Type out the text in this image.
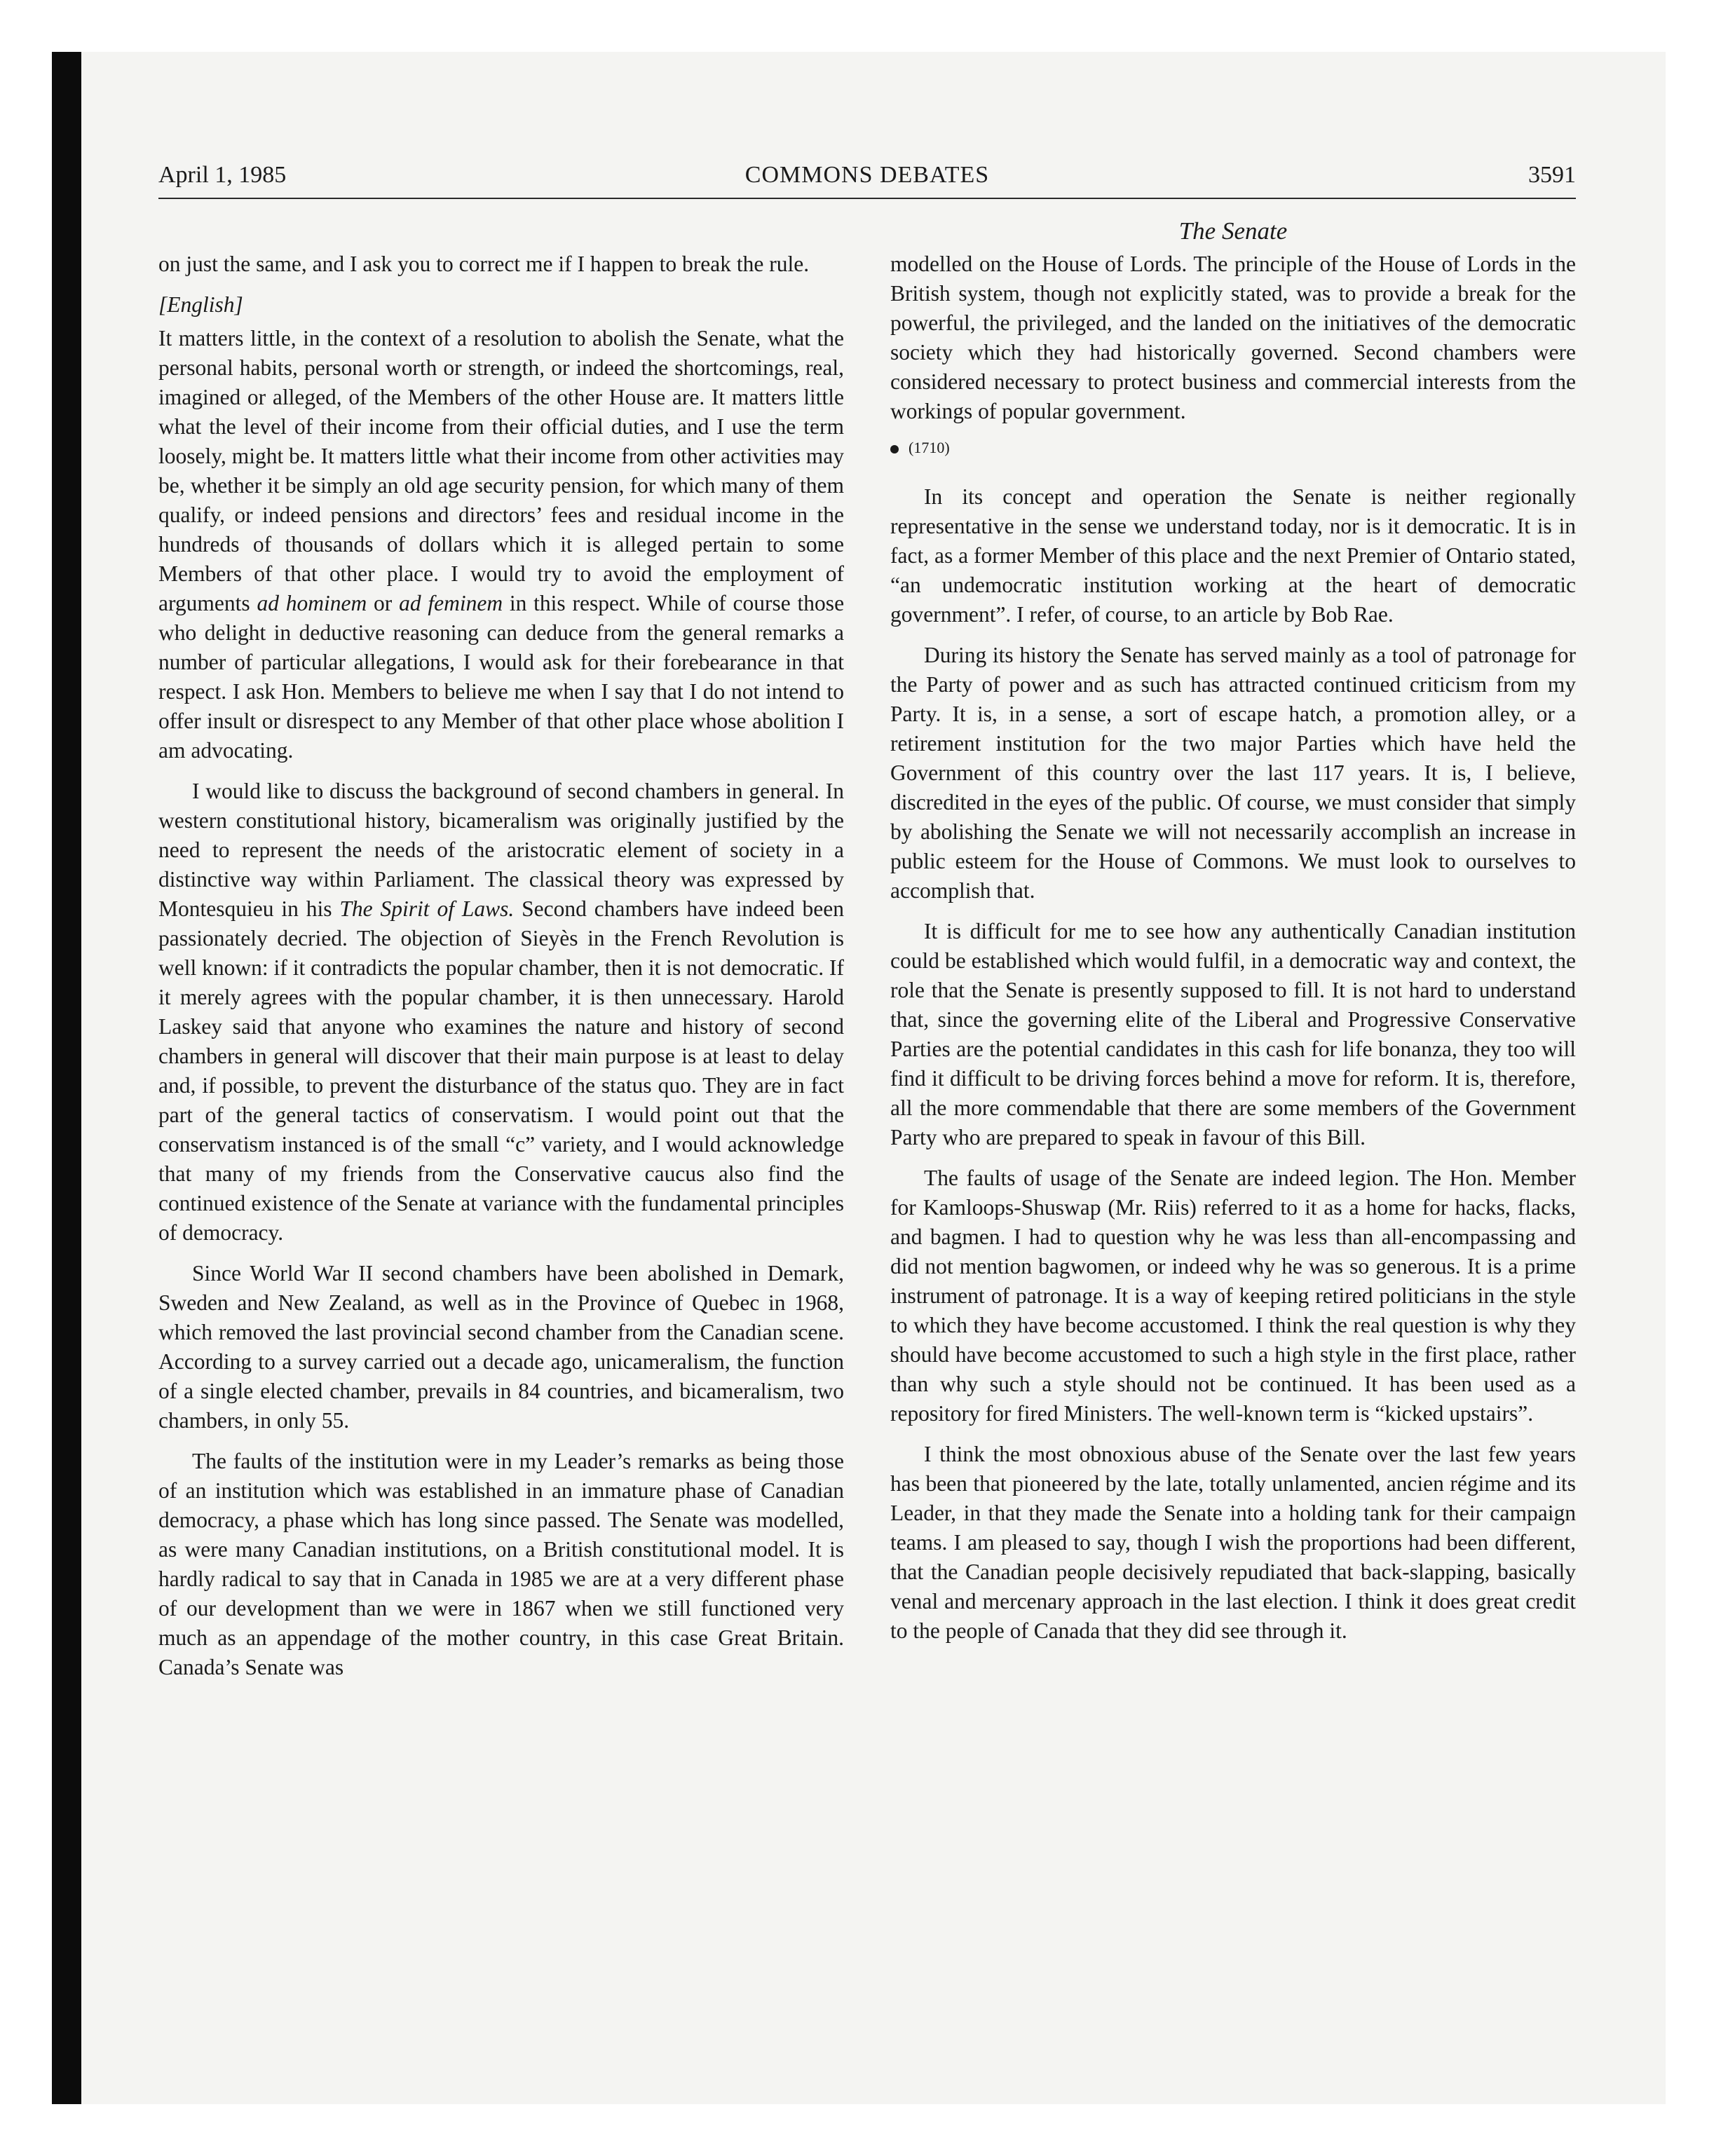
April 1, 1985	COMMONS DEBATES	3591
The Senate

on just the same, and I ask you to correct me if I happen to break the rule.

[English]

It matters little, in the context of a resolution to abolish the Senate, what the personal habits, personal worth or strength, or indeed the shortcomings, real, imagined or alleged, of the Members of the other House are. It matters little what the level of their income from their official duties, and I use the term loosely, might be. It matters little what their income from other activities may be, whether it be simply an old age security pension, for which many of them qualify, or indeed pensions and directors’ fees and residual income in the hundreds of thousands of dollars which it is alleged pertain to some Members of that other place. I would try to avoid the employment of arguments ad hominem or ad feminem in this respect. While of course those who delight in deductive reasoning can deduce from the general remarks a number of particular allegations, I would ask for their forebearance in that respect. I ask Hon. Members to believe me when I say that I do not intend to offer insult or disrespect to any Member of that other place whose abolition I am advocating.

I would like to discuss the background of second chambers in general. In western constitutional history, bicameralism was originally justified by the need to represent the needs of the aristocratic element of society in a distinctive way within Parliament. The classical theory was expressed by Montesquieu in his The Spirit of Laws. Second chambers have indeed been passionately decried. The objection of Sieyès in the French Revolution is well known: if it contradicts the popular chamber, then it is not democratic. If it merely agrees with the popular chamber, it is then unnecessary. Harold Laskey said that anyone who examines the nature and history of second chambers in general will discover that their main purpose is at least to delay and, if possible, to prevent the disturbance of the status quo. They are in fact part of the general tactics of conservatism. I would point out that the conservatism instanced is of the small “c” variety, and I would acknowledge that many of my friends from the Conservative caucus also find the continued existence of the Senate at variance with the fundamental principles of democracy.

Since World War II second chambers have been abolished in Demark, Sweden and New Zealand, as well as in the Province of Quebec in 1968, which removed the last provincial second chamber from the Canadian scene. According to a survey carried out a decade ago, unicameralism, the function of a single elected chamber, prevails in 84 countries, and bicameralism, two chambers, in only 55.

The faults of the institution were in my Leader’s remarks as being those of an institution which was established in an immature phase of Canadian democracy, a phase which has long since passed. The Senate was modelled, as were many Canadian institutions, on a British constitutional model. It is hardly radical to say that in Canada in 1985 we are at a very different phase of our development than we were in 1867 when we still functioned very much as an appendage of the mother country, in this case Great Britain. Canada’s Senate was

modelled on the House of Lords. The principle of the House of Lords in the British system, though not explicitly stated, was to provide a break for the powerful, the privileged, and the landed on the initiatives of the democratic society which they had historically governed. Second chambers were considered necessary to protect business and commercial interests from the workings of popular government.

(1710)

In its concept and operation the Senate is neither regionally representative in the sense we understand today, nor is it democratic. It is in fact, as a former Member of this place and the next Premier of Ontario stated, “an undemocratic institution working at the heart of democratic government”. I refer, of course, to an article by Bob Rae.

During its history the Senate has served mainly as a tool of patronage for the Party of power and as such has attracted continued criticism from my Party. It is, in a sense, a sort of escape hatch, a promotion alley, or a retirement institution for the two major Parties which have held the Government of this country over the last 117 years. It is, I believe, discredited in the eyes of the public. Of course, we must consider that simply by abolishing the Senate we will not necessarily accomplish an increase in public esteem for the House of Commons. We must look to ourselves to accomplish that.

It is difficult for me to see how any authentically Canadian institution could be established which would fulfil, in a democratic way and context, the role that the Senate is presently supposed to fill. It is not hard to understand that, since the governing elite of the Liberal and Progressive Conservative Parties are the potential candidates in this cash for life bonanza, they too will find it difficult to be driving forces behind a move for reform. It is, therefore, all the more commendable that there are some members of the Government Party who are prepared to speak in favour of this Bill.

The faults of usage of the Senate are indeed legion. The Hon. Member for Kamloops-Shuswap (Mr. Riis) referred to it as a home for hacks, flacks, and bagmen. I had to question why he was less than all-encompassing and did not mention bagwomen, or indeed why he was so generous. It is a prime instrument of patronage. It is a way of keeping retired politicians in the style to which they have become accustomed. I think the real question is why they should have become accustomed to such a high style in the first place, rather than why such a style should not be continued. It has been used as a repository for fired Ministers. The well-known term is “kicked upstairs”.

I think the most obnoxious abuse of the Senate over the last few years has been that pioneered by the late, totally unlamented, ancien régime and its Leader, in that they made the Senate into a holding tank for their campaign teams. I am pleased to say, though I wish the proportions had been different, that the Canadian people decisively repudiated that back-slapping, basically venal and mercenary approach in the last election. I think it does great credit to the people of Canada that they did see through it.
